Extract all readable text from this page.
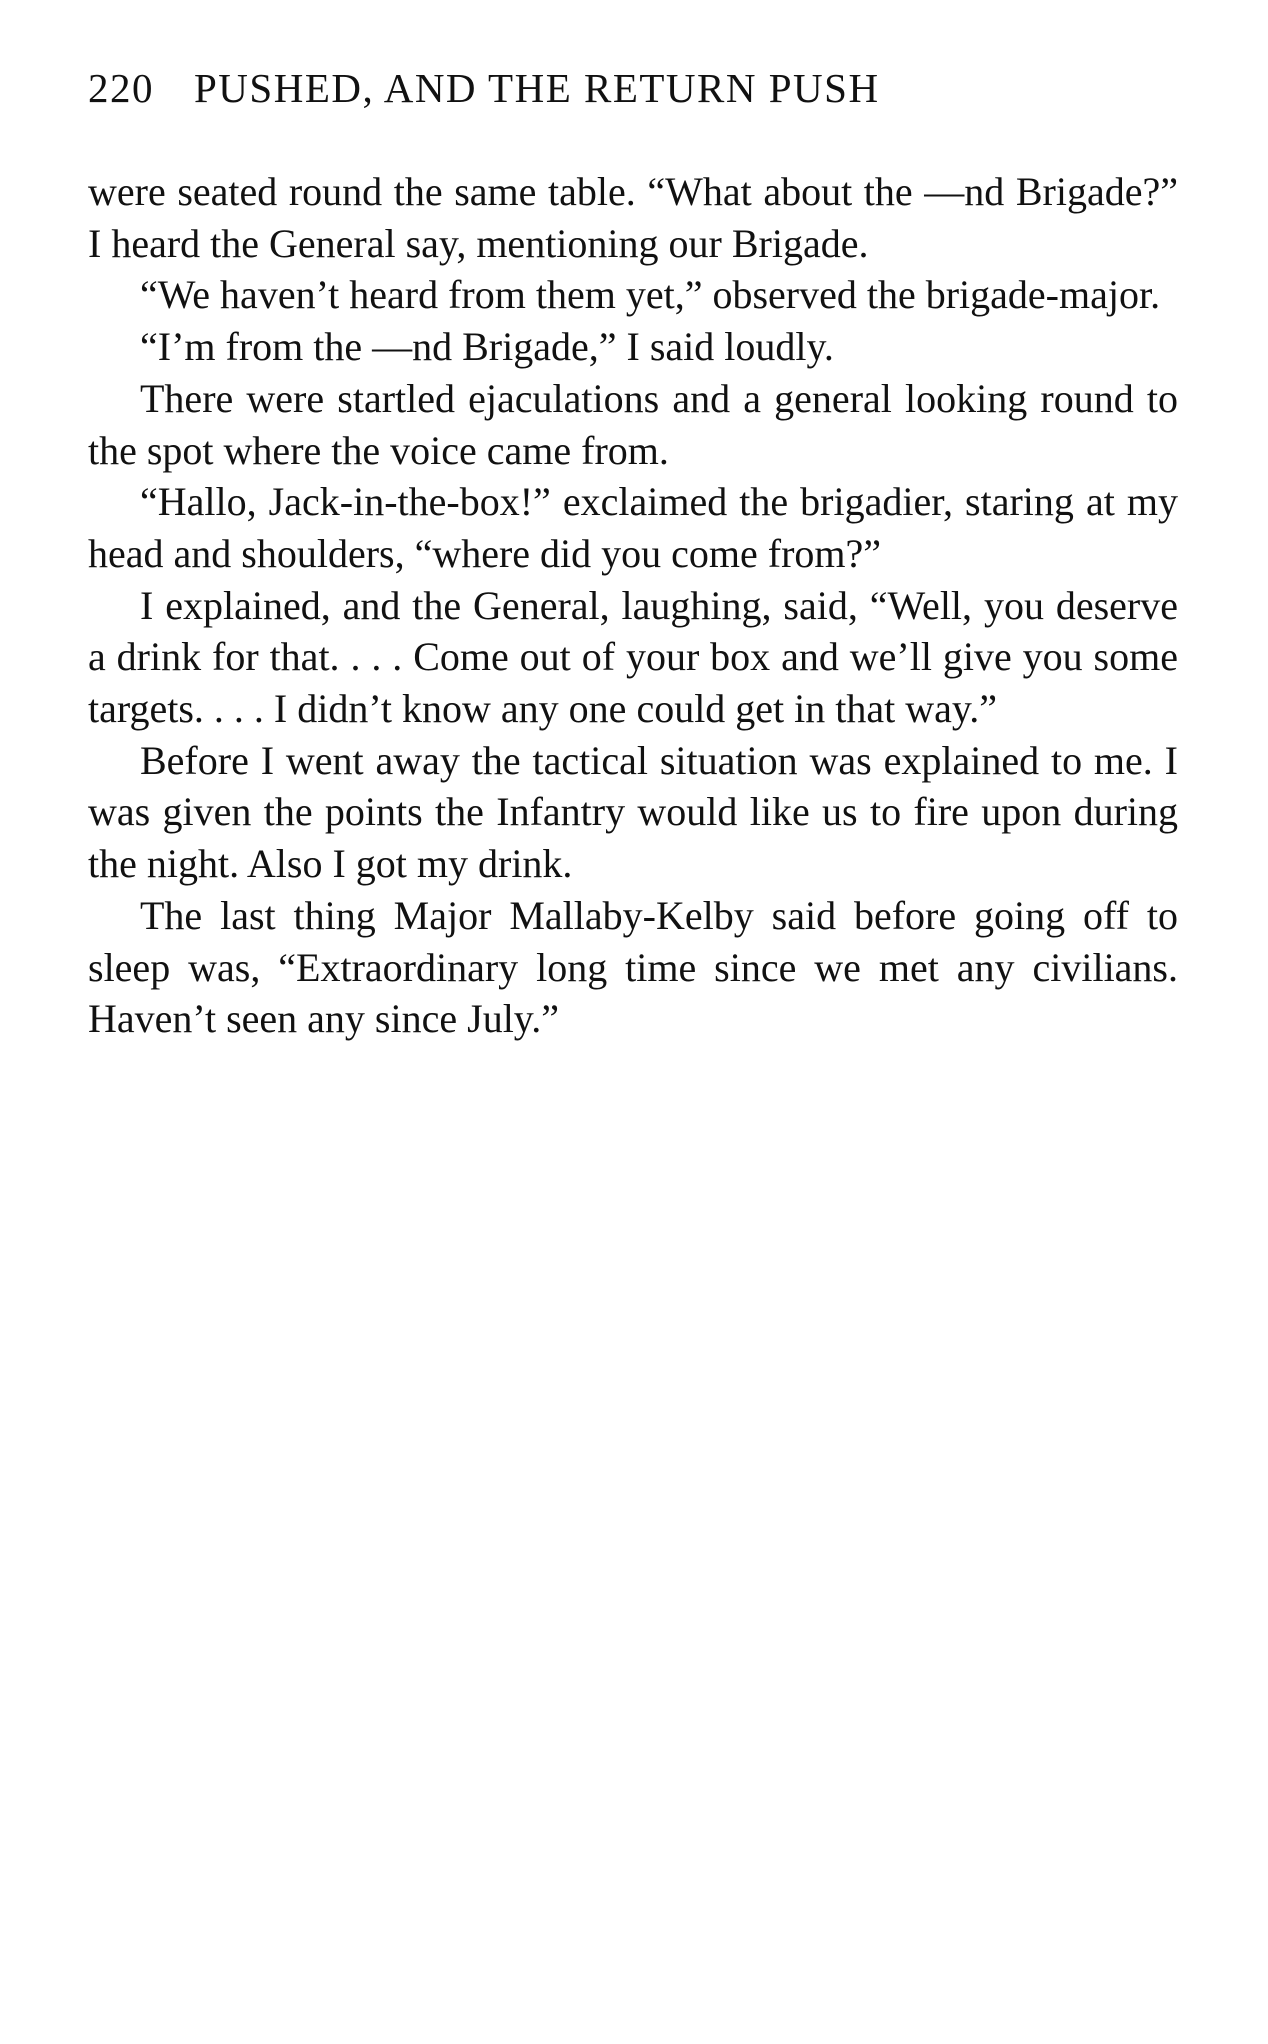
220 PUSHED, AND THE RETURN PUSH

were seated round the same table. “What about the —nd Brigade?” I heard the General say, mentioning our Brigade.

“We haven’t heard from them yet,” observed the brigade-major.

“I’m from the —nd Brigade,” I said loudly.

There were startled ejaculations and a general looking round to the spot where the voice came from.

“Hallo, Jack-in-the-box!” exclaimed the brigadier, staring at my head and shoulders, “where did you come from?”

I explained, and the General, laughing, said, “Well, you deserve a drink for that. . . . Come out of your box and we’ll give you some targets. . . . I didn’t know any one could get in that way.”

Before I went away the tactical situation was explained to me. I was given the points the Infantry would like us to fire upon during the night. Also I got my drink.

The last thing Major Mallaby-Kelby said before going off to sleep was, “Extraordinary long time since we met any civilians. Haven’t seen any since July.”
